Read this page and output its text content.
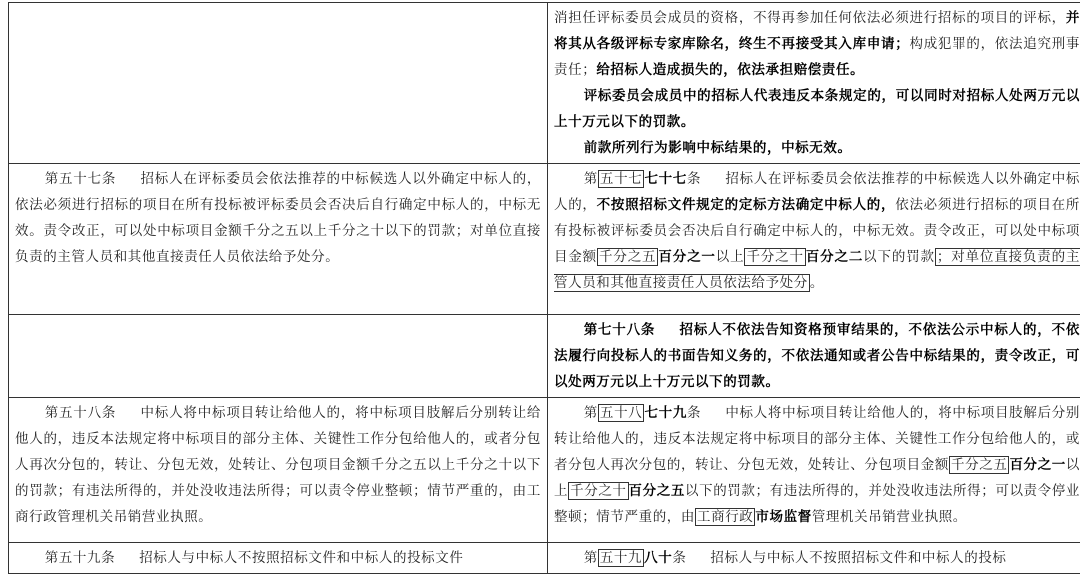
	消担任评标委员会成员的资格，不得再参加任何依法必须进行招标的项目的评标，并将其从各级评标专家库除名，终生不再接受其入库申请；构成犯罪的，依法追究刑事责任；给招标人造成损失的，依法承担赔偿责任。

评标委员会成员中的招标人代表违反本条规定的，可以同时对招标人处两万元以上十万元以下的罚款。

前款所列行为影响中标结果的，中标无效。

第五十七条 招标人在评标委员会依法推荐的中标候选人以外确定中标人的，依法必须进行招标的项目在所有投标被评标委员会否决后自行确定中标人的，中标无效。责令改正，可以处中标项目金额千分之五以上千分之十以下的罚款；对单位直接负责的主管人员和其他直接责任人员依法给予处分。	第 五十七 七十七条 招标人在评标委员会依法推荐的中标候选人以外确定中标人的，不按照招标文件规定的定标方法确定中标人的，依法必须进行招标的项目在所有投标被评标委员会否决后自行确定中标人的，中标无效。责令改正，可以处中标项目金额 千分之五 百分之一以上 千分之十 百分之二以下的罚款 ；对单位直接负责的主管人员和其他直接责任人员依法给予处分 。

	第七十八条 招标人不依法告知资格预审结果的，不依法公示中标人的，不依法履行向投标人的书面告知义务的，不依法通知或者公告中标结果的，责令改正，可以处两万元以上十万元以下的罚款。

第五十八条 中标人将中标项目转让给他人的，将中标项目肢解后分别转让给他人的，违反本法规定将中标项目的部分主体、关键性工作分包给他人的，或者分包人再次分包的，转让、分包无效，处转让、分包项目金额千分之五以上千分之十以下的罚款；有违法所得的，并处没收违法所得；可以责令停业整顿；情节严重的，由工商行政管理机关吊销营业执照。	第 五十八 七十九条 中标人将中标项目转让给他人的，将中标项目肢解后分别转让给他人的，违反本法规定将中标项目的部分主体、关键性工作分包给他人的，或者分包人再次分包的，转让、分包无效，处转让、分包项目金额 千分之五 百分之一以上 千分之十 百分之五以下的罚款；有违法所得的，并处没收违法所得；可以责令停业整顿；情节严重的，由 工商行政 市场监督管理机关吊销营业执照。

第五十九条 招标人与中标人不按照招标文件和中标人的投标文件	第 五十九 八十条 招标人与中标人不按照招标文件和中标人的投标
